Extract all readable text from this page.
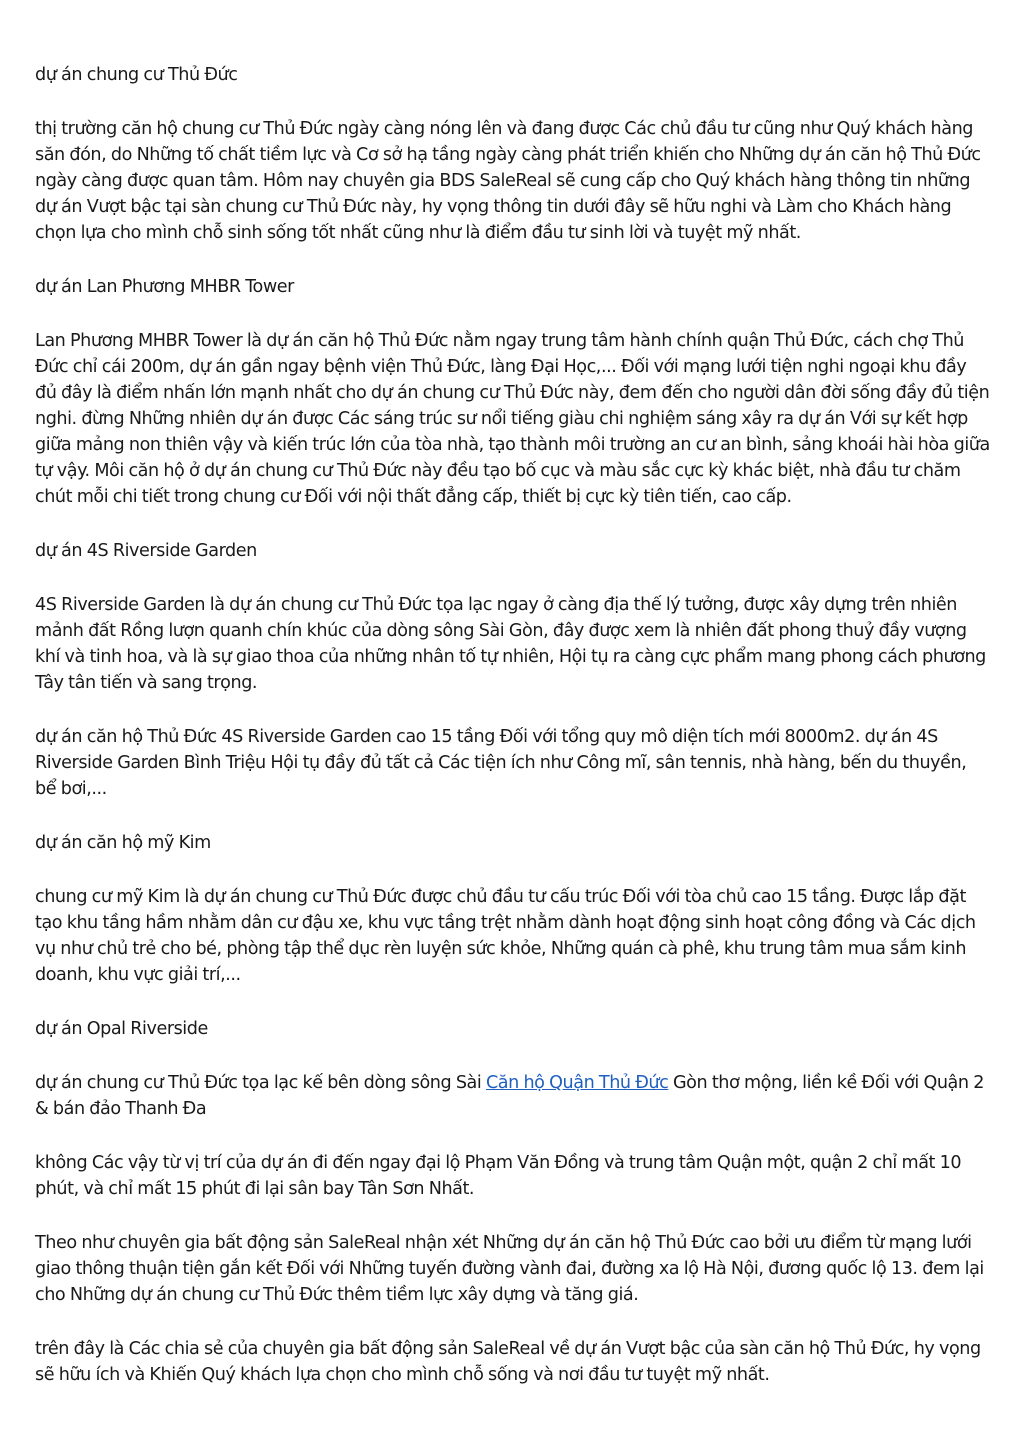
dự án chung cư Thủ Đức
thị trường căn hộ chung cư Thủ Đức ngày càng nóng lên và đang được Các chủ đầu tư cũng như Quý khách hàng săn đón, do Những tố chất tiềm lực và Cơ sở hạ tầng ngày càng phát triển khiến cho Những dự án căn hộ Thủ Đức ngày càng được quan tâm. Hôm nay chuyên gia BDS SaleReal sẽ cung cấp cho Quý khách hàng thông tin những dự án Vượt bậc tại sàn chung cư Thủ Đức này, hy vọng thông tin dưới đây sẽ hữu nghi và Làm cho Khách hàng chọn lựa cho mình chỗ sinh sống tốt nhất cũng như là điểm đầu tư sinh lời và tuyệt mỹ nhất.
dự án Lan Phương MHBR Tower
Lan Phương MHBR Tower là dự án căn hộ Thủ Đức nằm ngay trung tâm hành chính quận Thủ Đức, cách chợ Thủ Đức chỉ cái 200m, dự án gần ngay bệnh viện Thủ Đức, làng Đại Học,... Đối với mạng lưới tiện nghi ngoại khu đầy đủ đây là điểm nhấn lớn mạnh nhất cho dự án chung cư Thủ Đức này, đem đến cho người dân đời sống đầy đủ tiện nghi. đừng Những nhiên dự án được Các sáng trúc sư nổi tiếng giàu chi nghiệm sáng xây ra dự án Với sự kết hợp giữa mảng non thiên vậy và kiến trúc lớn của tòa nhà, tạo thành môi trường an cư an bình, sảng khoái hài hòa giữa tự vậy. Môi căn hộ ở dự án chung cư Thủ Đức này đều tạo bố cục và màu sắc cực kỳ khác biệt, nhà đầu tư chăm chút mỗi chi tiết trong chung cư Đối với nội thất đẳng cấp, thiết bị cực kỳ tiên tiến, cao cấp.
dự án 4S Riverside Garden
4S Riverside Garden là dự án chung cư Thủ Đức tọa lạc ngay ở càng địa thế lý tưởng, được xây dựng trên nhiên mảnh đất Rồng lượn quanh chín khúc của dòng sông Sài Gòn, đây được xem là nhiên đất phong thuỷ đầy vượng khí và tinh hoa, và là sự giao thoa của những nhân tố tự nhiên, Hội tụ ra càng cực phẩm mang phong cách phương Tây tân tiến và sang trọng.
dự án căn hộ Thủ Đức 4S Riverside Garden cao 15 tầng Đối với tổng quy mô diện tích mới 8000m2. dự án 4S Riverside Garden Bình Triệu Hội tụ đầy đủ tất cả Các tiện ích như Công mĩ, sân tennis, nhà hàng, bến du thuyền, bể bơi,...
dự án căn hộ mỹ Kim
chung cư mỹ Kim là dự án chung cư Thủ Đức được chủ đầu tư cấu trúc Đối với tòa chủ cao 15 tầng. Được lắp đặt tạo khu tầng hầm nhằm dân cư đậu xe, khu vực tầng trệt nhằm dành hoạt động sinh hoạt công đồng và Các dịch vụ như chủ trẻ cho bé, phòng tập thể dục rèn luyện sức khỏe, Những quán cà phê, khu trung tâm mua sắm kinh doanh, khu vực giải trí,...
dự án Opal Riverside
dự án chung cư Thủ Đức tọa lạc kế bên dòng sông Sài Căn hộ Quận Thủ Đức Gòn thơ mộng, liền kề Đối với Quận 2 & bán đảo Thanh Đa
không Các vậy từ vị trí của dự án đi đến ngay đại lộ Phạm Văn Đồng và trung tâm Quận một, quận 2 chỉ mất 10 phút, và chỉ mất 15 phút đi lại sân bay Tân Sơn Nhất.
Theo như chuyên gia bất động sản SaleReal nhận xét Những dự án căn hộ Thủ Đức cao bởi ưu điểm từ mạng lưới giao thông thuận tiện gắn kết Đối với Những tuyến đường vành đai, đường xa lộ Hà Nội, đương quốc lộ 13. đem lại cho Những dự án chung cư Thủ Đức thêm tiềm lực xây dựng và tăng giá.
trên đây là Các chia sẻ của chuyên gia bất động sản SaleReal về dự án Vượt bậc của sàn căn hộ Thủ Đức, hy vọng sẽ hữu ích và Khiến Quý khách lựa chọn cho mình chỗ sống và nơi đầu tư tuyệt mỹ nhất.
